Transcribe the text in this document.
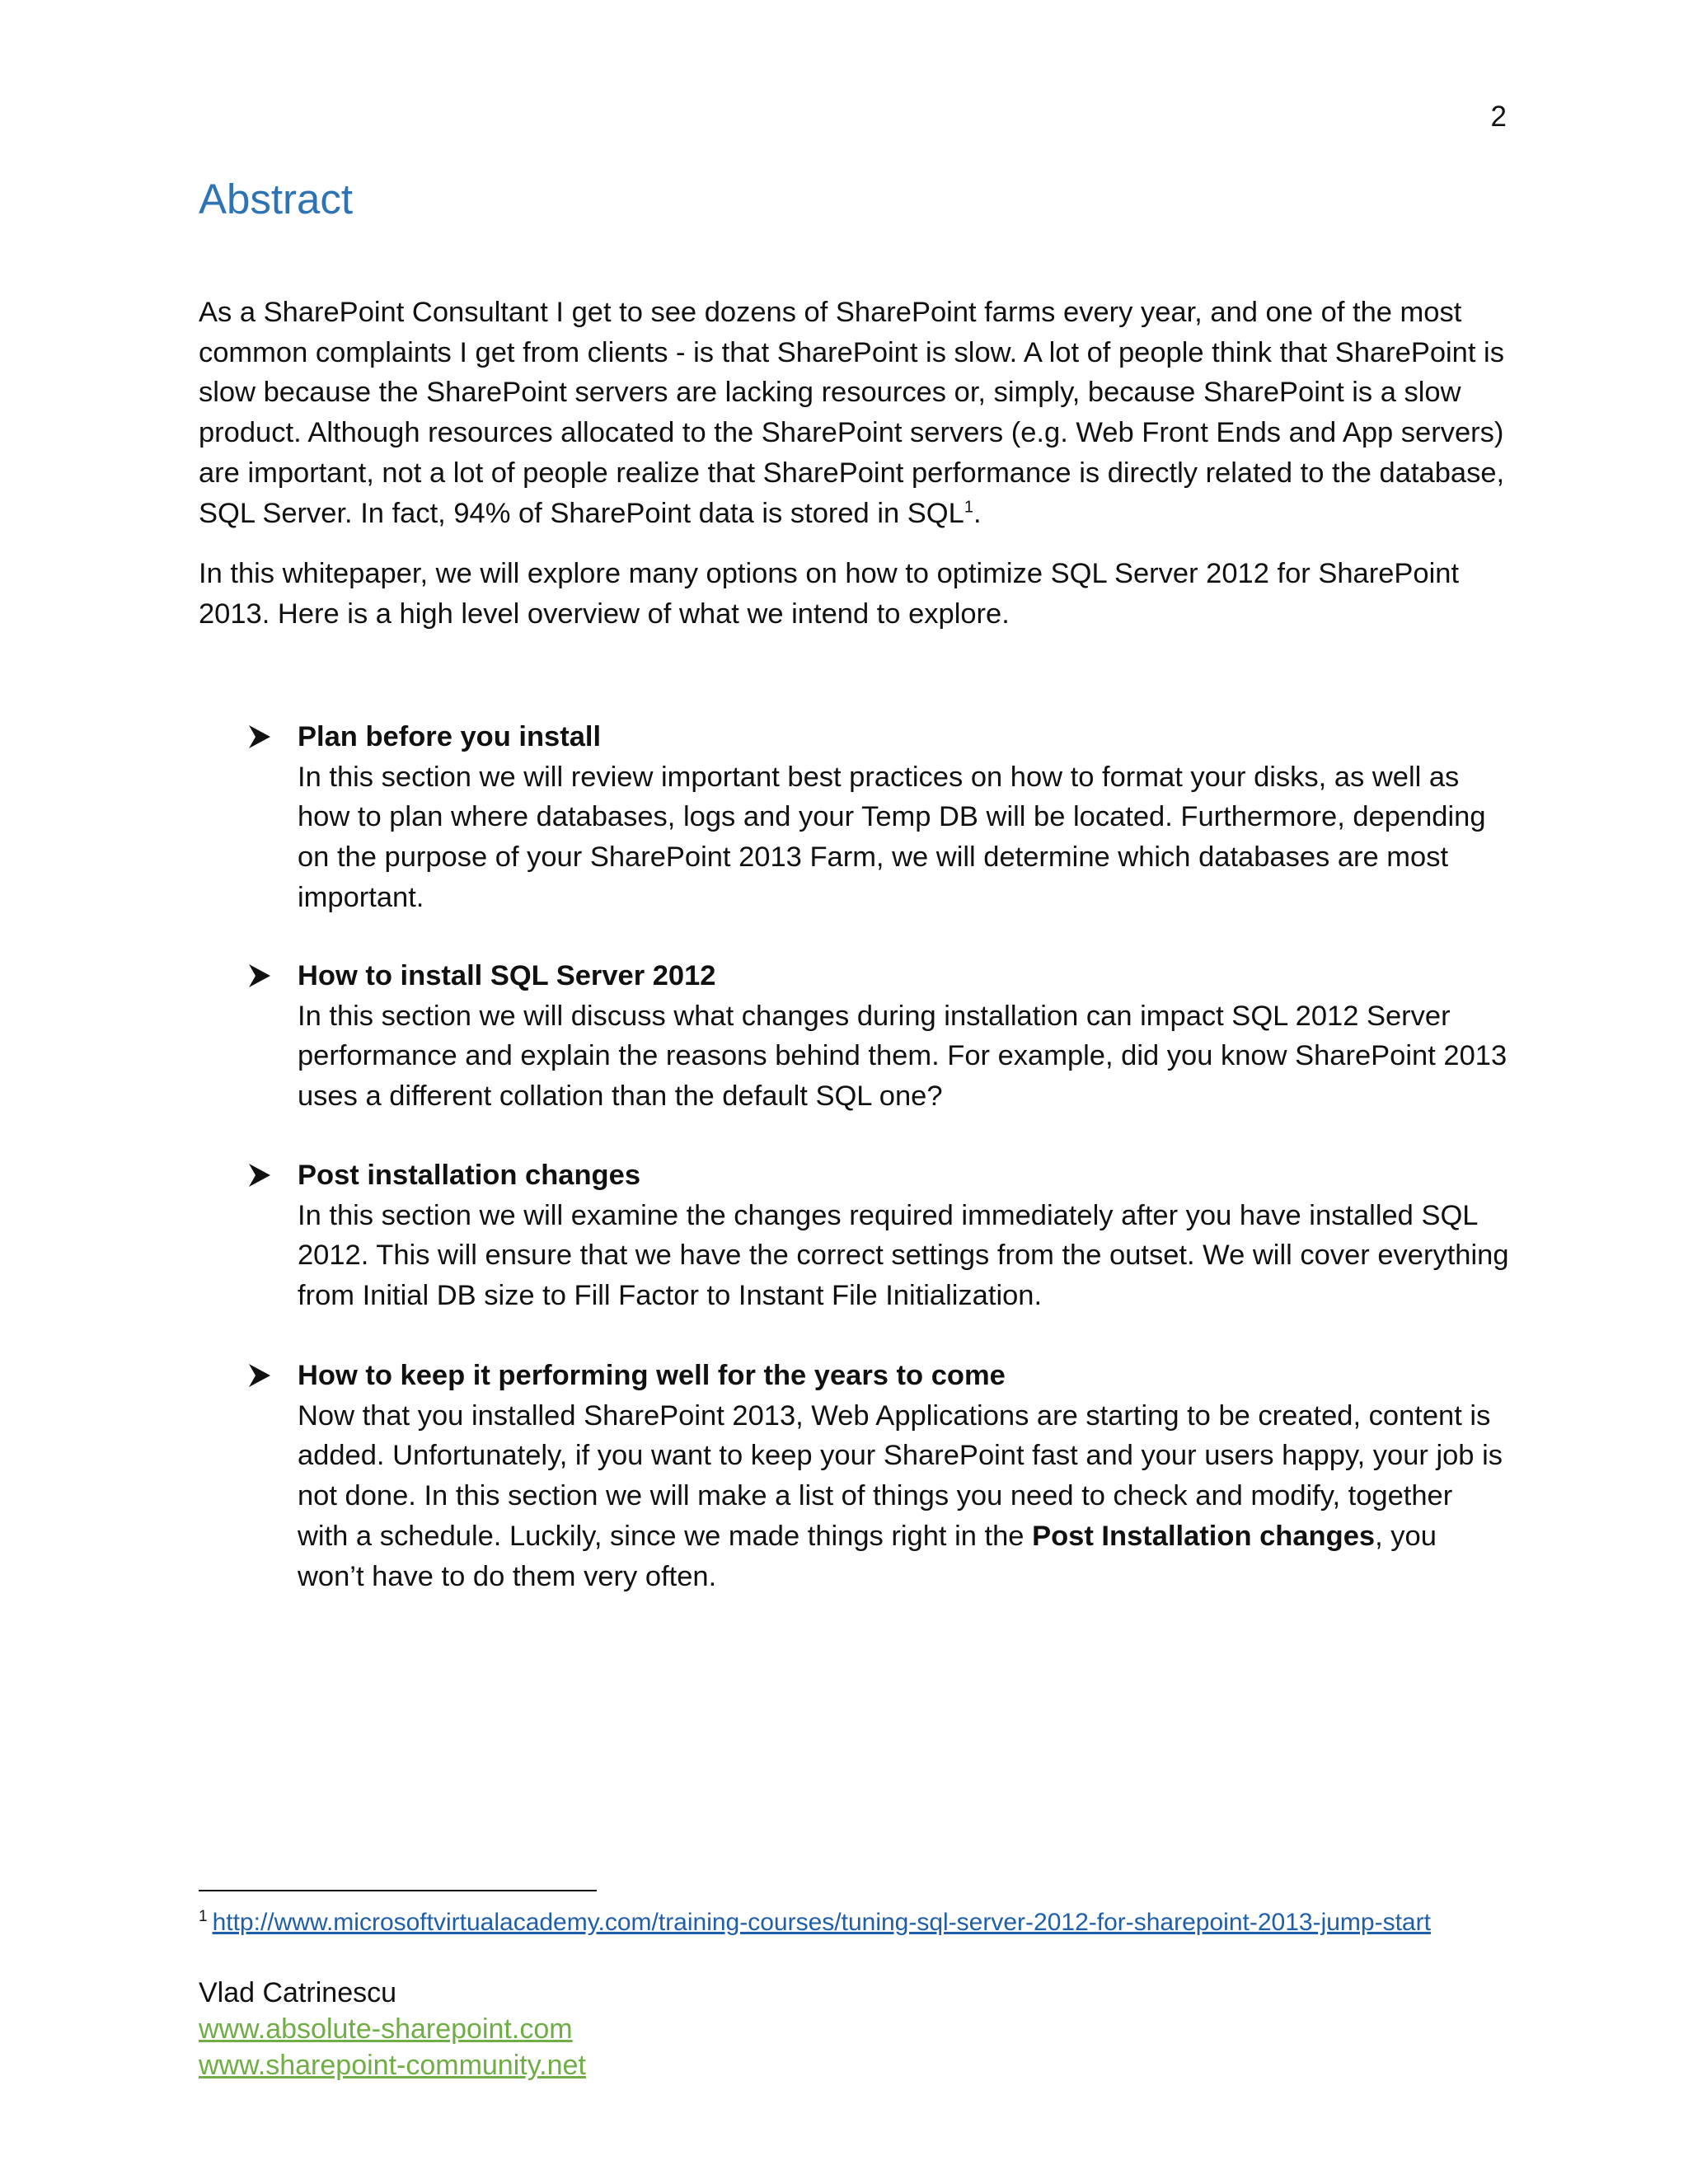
2
Abstract

As a SharePoint Consultant I get to see dozens of SharePoint farms every year, and one of the most common complaints I get from clients - is that SharePoint is slow. A lot of people think that SharePoint is slow because the SharePoint servers are lacking resources or, simply, because SharePoint is a slow product. Although resources allocated to the SharePoint servers (e.g. Web Front Ends and App servers) are important, not a lot of people realize that SharePoint performance is directly related to the database, SQL Server. In fact, 94% of SharePoint data is stored in SQL$^1$.

In this whitepaper, we will explore many options on how to optimize SQL Server 2012 for SharePoint 2013. Here is a high level overview of what we intend to explore.

Plan before you install

In this section we will review important best practices on how to format your disks, as well as how to plan where databases, logs and your Temp DB will be located. Furthermore, depending on the purpose of your SharePoint 2013 Farm, we will determine which databases are most important.

How to install SQL Server 2012

In this section we will discuss what changes during installation can impact SQL 2012 Server performance and explain the reasons behind them. For example, did you know SharePoint 2013 uses a different collation than the default SQL one?

Post installation changes

In this section we will examine the changes required immediately after you have installed SQL 2012. This will ensure that we have the correct settings from the outset. We will cover everything from Initial DB size to Fill Factor to Instant File Initialization.

How to keep it performing well for the years to come

Now that you installed SharePoint 2013, Web Applications are starting to be created, content is added. Unfortunately, if you want to keep your SharePoint fast and your users happy, your job is not done. In this section we will make a list of things you need to check and modify, together with a schedule. Luckily, since we made things right in the Post Installation changes, you won’t have to do them very often.

$^1$ http://www.microsoftvirtualacademy.com/training-courses/tuning-sql-server-2012-for-sharepoint-2013-jump-start
Vlad Catrinescu
www.absolute-sharepoint.com
www.sharepoint-community.net
